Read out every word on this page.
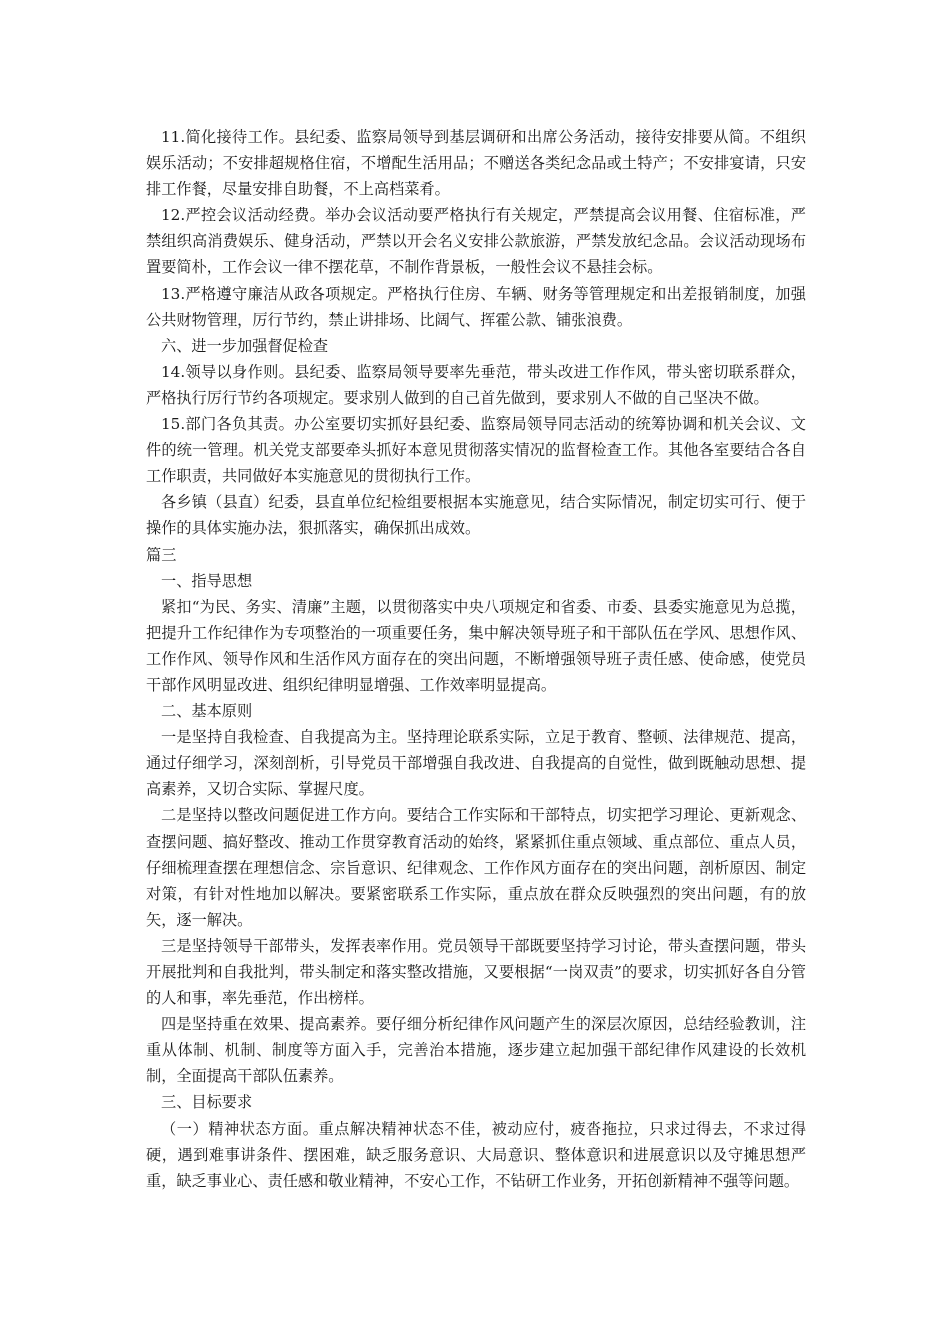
11.简化接待工作。县纪委、监察局领导到基层调研和出席公务活动，接待安排要从简。不组织娱乐活动；不安排超规格住宿，不增配生活用品；不赠送各类纪念品或土特产；不安排宴请，只安排工作餐，尽量安排自助餐，不上高档菜肴。

12.严控会议活动经费。举办会议活动要严格执行有关规定，严禁提高会议用餐、住宿标准，严禁组织高消费娱乐、健身活动，严禁以开会名义安排公款旅游，严禁发放纪念品。会议活动现场布置要简朴，工作会议一律不摆花草，不制作背景板，一般性会议不悬挂会标。

13.严格遵守廉洁从政各项规定。严格执行住房、车辆、财务等管理规定和出差报销制度，加强公共财物管理，厉行节约，禁止讲排场、比阔气、挥霍公款、铺张浪费。

六、进一步加强督促检查

14.领导以身作则。县纪委、监察局领导要率先垂范，带头改进工作作风，带头密切联系群众，严格执行厉行节约各项规定。要求别人做到的自己首先做到，要求别人不做的自己坚决不做。

15.部门各负其责。办公室要切实抓好县纪委、监察局领导同志活动的统筹协调和机关会议、文件的统一管理。机关党支部要牵头抓好本意见贯彻落实情况的监督检查工作。其他各室要结合各自工作职责，共同做好本实施意见的贯彻执行工作。

各乡镇（县直）纪委，县直单位纪检组要根据本实施意见，结合实际情况，制定切实可行、便于操作的具体实施办法，狠抓落实，确保抓出成效。

篇三

一、指导思想

紧扣“为民、务实、清廉”主题，以贯彻落实中央八项规定和省委、市委、县委实施意见为总揽，把提升工作纪律作为专项整治的一项重要任务，集中解决领导班子和干部队伍在学风、思想作风、工作作风、领导作风和生活作风方面存在的突出问题，不断增强领导班子责任感、使命感，使党员干部作风明显改进、组织纪律明显增强、工作效率明显提高。

二、基本原则

一是坚持自我检查、自我提高为主。坚持理论联系实际，立足于教育、整顿、法律规范、提高，通过仔细学习，深刻剖析，引导党员干部增强自我改进、自我提高的自觉性，做到既触动思想、提高素养，又切合实际、掌握尺度。

二是坚持以整改问题促进工作方向。要结合工作实际和干部特点，切实把学习理论、更新观念、查摆问题、搞好整改、推动工作贯穿教育活动的始终，紧紧抓住重点领域、重点部位、重点人员，仔细梳理查摆在理想信念、宗旨意识、纪律观念、工作作风方面存在的突出问题，剖析原因、制定对策，有针对性地加以解决。要紧密联系工作实际，重点放在群众反映强烈的突出问题，有的放矢，逐一解决。

三是坚持领导干部带头，发挥表率作用。党员领导干部既要坚持学习讨论，带头查摆问题，带头开展批判和自我批判，带头制定和落实整改措施，又要根据“一岗双责”的要求，切实抓好各自分管的人和事，率先垂范，作出榜样。

四是坚持重在效果、提高素养。要仔细分析纪律作风问题产生的深层次原因，总结经验教训，注重从体制、机制、制度等方面入手，完善治本措施，逐步建立起加强干部纪律作风建设的长效机制，全面提高干部队伍素养。

三、目标要求

（一）精神状态方面。重点解决精神状态不佳，被动应付，疲沓拖拉，只求过得去，不求过得硬，遇到难事讲条件、摆困难，缺乏服务意识、大局意识、整体意识和进展意识以及守摊思想严重，缺乏事业心、责任感和敬业精神，不安心工作，不钻研工作业务，开拓创新精神不强等问题。
